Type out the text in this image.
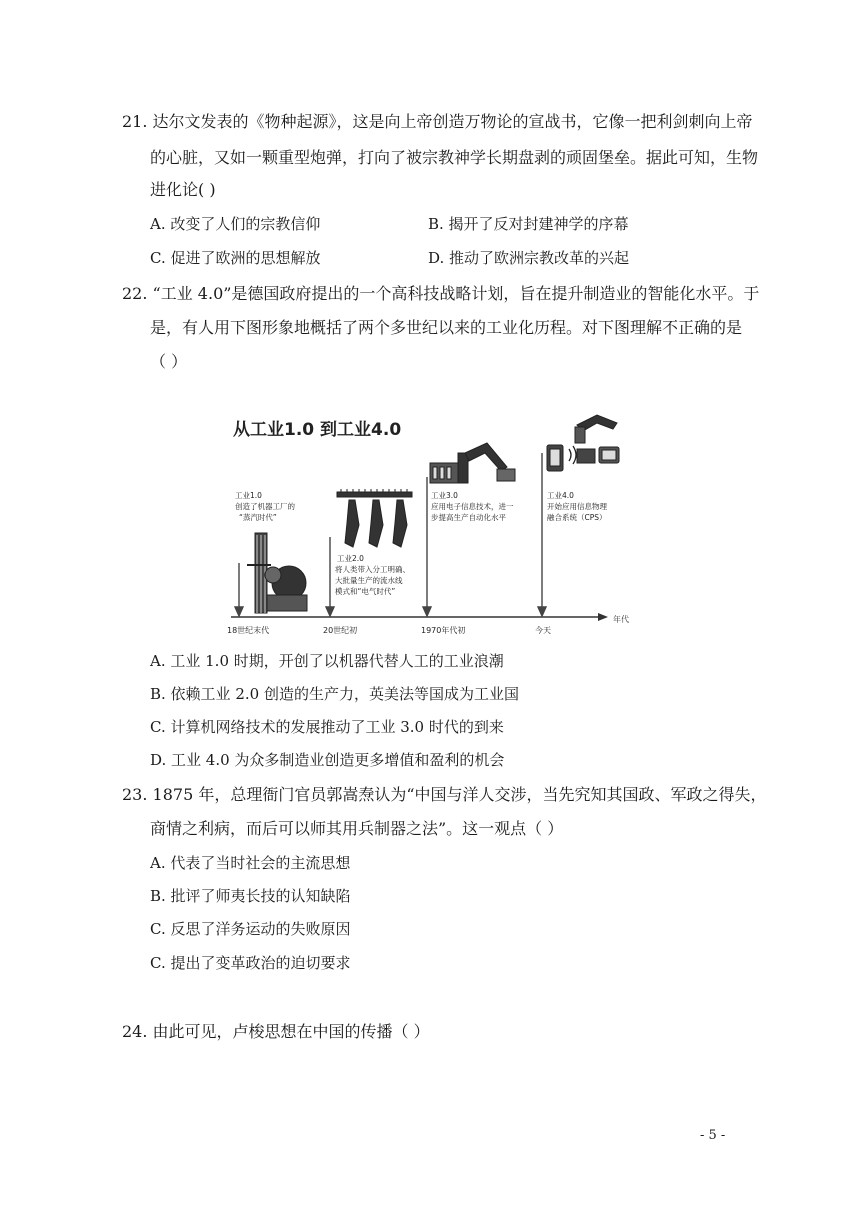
21. 达尔文发表的《物种起源》，这是向上帝创造万物论的宣战书，它像一把利剑刺向上帝
的心脏，又如一颗重型炮弹，打向了被宗教神学长期盘剥的顽固堡垒。据此可知，生物
进化论( )
A. 改变了人们的宗教信仰	B. 揭开了反对封建神学的序幕
C. 促进了欧洲的思想解放	D. 推动了欧洲宗教改革的兴起
22. “工业 4.0”是德国政府提出的一个高科技战略计划，旨在提升制造业的智能化水平。于
是，有人用下图形象地概括了两个多世纪以来的工业化历程。对下图理解不正确的是
（ ）
从工业1.0 到工业4.0
年代
18世纪末代	20世纪初	1970年代初	今天
工业1.0
创造了机器工厂的
“蒸汽时代”
工业2.0
将人类带入分工明确、
大批量生产的流水线
模式和“电气时代”
工业3.0
应用电子信息技术，进一
步提高生产自动化水平
工业4.0
开始应用信息物理
融合系统（CPS）
A. 工业 1.0 时期，开创了以机器代替人工的工业浪潮
B. 依赖工业 2.0 创造的生产力，英美法等国成为工业国
C. 计算机网络技术的发展推动了工业 3.0 时代的到来
D. 工业 4.0 为众多制造业创造更多增值和盈利的机会
23. 1875 年，总理衙门官员郭嵩焘认为“中国与洋人交涉，当先究知其国政、军政之得失，
商情之利病，而后可以师其用兵制器之法”。这一观点（ ）
A. 代表了当时社会的主流思想
B. 批评了师夷长技的认知缺陷
C. 反思了洋务运动的失败原因
C. 提出了变革政治的迫切要求
24. 由此可见，卢梭思想在中国的传播（ ）
- 5 -
